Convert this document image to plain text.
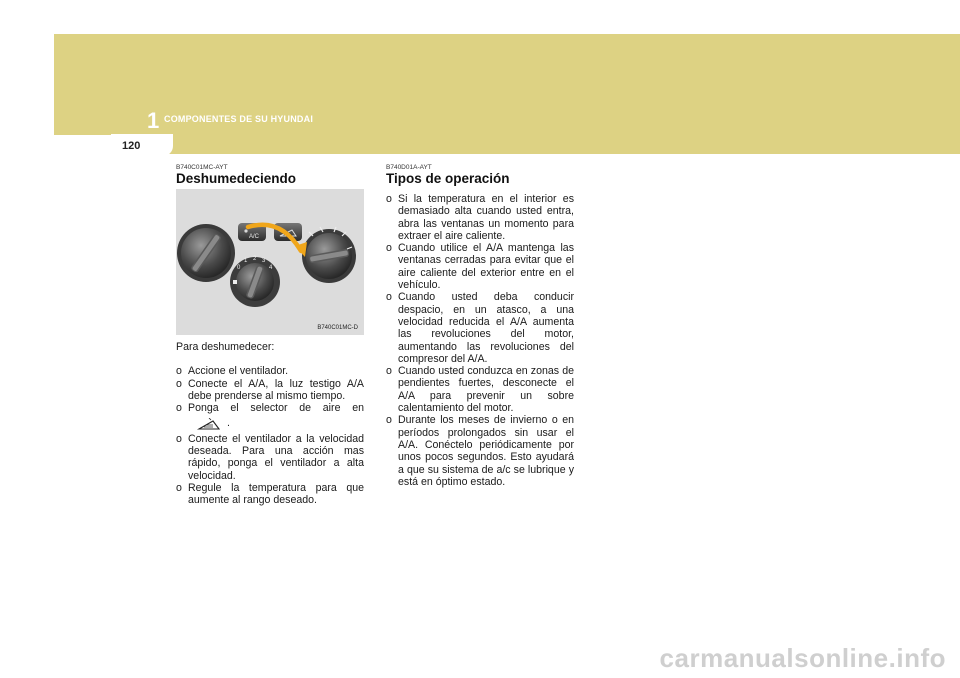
120
1 COMPONENTES DE SU HYUNDAI
B740C01MC-AYT
Deshumedeciendo
A/C
0
1 2 3
4
B740C01MC-D

Para deshumedecer:

o Accione el ventilador.
o Conecte el A/A, la luz testigo A/A debe prenderse al mismo tiempo.
o Ponga el selector de aire en
.
o Conecte el ventilador a la velocidad deseada. Para una acción mas rápido, ponga el ventilador a alta velocidad.
o Regule la temperatura para que aumente al rango deseado.
B740D01A-AYT
Tipos de operación
o Si la temperatura en el interior es demasiado alta cuando usted entra, abra las ventanas un momento para extraer el aire caliente.
o Cuando utilice el A/A mantenga las ventanas cerradas para evitar que el aire caliente del exterior entre en el vehículo.
o Cuando usted deba conducir despacio, en un atasco, a una velocidad reducida el A/A aumenta las revoluciones del motor, aumentando las revoluciones del compresor del A/A.
o Cuando usted conduzca en zonas de pendientes fuertes, desconecte el A/A para prevenir un sobre calentamiento del motor.
o Durante los meses de invierno o en períodos prolongados sin usar el A/A. Conéctelo periódicamente por unos pocos segundos. Esto ayudará a que su sistema de a/c se lubrique y está en óptimo estado.
carmanualsonline.info
